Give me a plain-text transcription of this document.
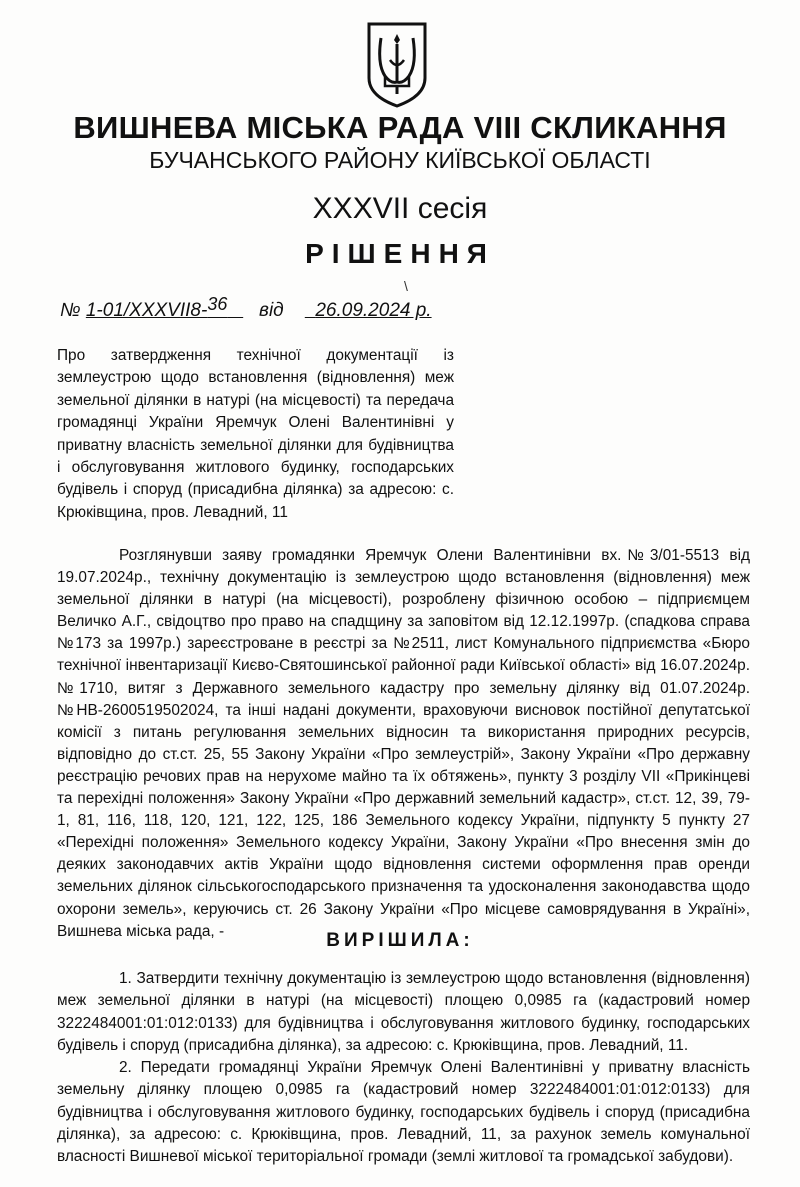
ВИШНЕВА МІСЬКА РАДА VIII СКЛИКАННЯ
БУЧАНСЬКОГО РАЙОНУ КИЇВСЬКОЇ ОБЛАСТІ
XXXVII сесія
РІШЕННЯ
\
№ 1-01/XXXVII8-36 від 26.09.2024 р.
Про затвердження технічної документації із землеустрою щодо встановлення (відновлення) меж земельної ділянки в натурі (на місцевості) та передача громадянці України Яремчук Олені Валентинівні у приватну власність земельної ділянки для будівництва і обслуговування житлового будинку, господарських будівель і споруд (присадибна ділянка) за адресою: с. Крюківщина, пров. Левадний, 11

Розглянувши заяву громадянки Яремчук Олени Валентинівни вх.№3/01-5513 від 19.07.2024р., технічну документацію із землеустрою щодо встановлення (відновлення) меж земельної ділянки в натурі (на місцевості), розроблену фізичною особою – підприємцем Величко А.Г., свідоцтво про право на спадщину за заповітом від 12.12.1997р. (спадкова справа №173 за 1997р.) зареєстроване в реєстрі за №2511, лист Комунального підприємства «Бюро технічної інвентаризації Києво-Святошинської районної ради Київської області» від 16.07.2024р. №1710, витяг з Державного земельного кадастру про земельну ділянку від 01.07.2024р. №НВ-2600519502024, та інші надані документи, враховуючи висновок постійної депутатської комісії з питань регулювання земельних відносин та використання природних ресурсів, відповідно до ст.ст. 25, 55 Закону України «Про землеустрій», Закону України «Про державну реєстрацію речових прав на нерухоме майно та їх обтяжень», пункту 3 розділу VII «Прикінцеві та перехідні положення» Закону України «Про державний земельний кадастр», ст.ст. 12, 39, 79-1, 81, 116, 118, 120, 121, 122, 125, 186 Земельного кодексу України, підпункту 5 пункту 27 «Перехідні положення» Земельного кодексу України, Закону України «Про внесення змін до деяких законодавчих актів України щодо відновлення системи оформлення прав оренди земельних ділянок сільськогосподарського призначення та удосконалення законодавства щодо охорони земель», керуючись ст. 26 Закону України «Про місцеве самоврядування в Україні», Вишнева міська рада, -	ВИРІШИЛА:

1. Затвердити технічну документацію із землеустрою щодо встановлення (відновлення) меж земельної ділянки в натурі (на місцевості) площею 0,0985 га (кадастровий номер 3222484001:01:012:0133) для будівництва і обслуговування житлового будинку, господарських будівель і споруд (присадибна ділянка), за адресою: с. Крюківщина, пров. Левадний, 11.

2. Передати громадянці України Яремчук Олені Валентинівні у приватну власність земельну ділянку площею 0,0985 га (кадастровий номер 3222484001:01:012:0133) для будівництва і обслуговування житлового будинку, господарських будівель і споруд (присадибна ділянка), за адресою: с. Крюківщина, пров. Левадний, 11, за рахунок земель комунальної власності Вишневої міської територіальної громади (землі житлової та громадської забудови).
